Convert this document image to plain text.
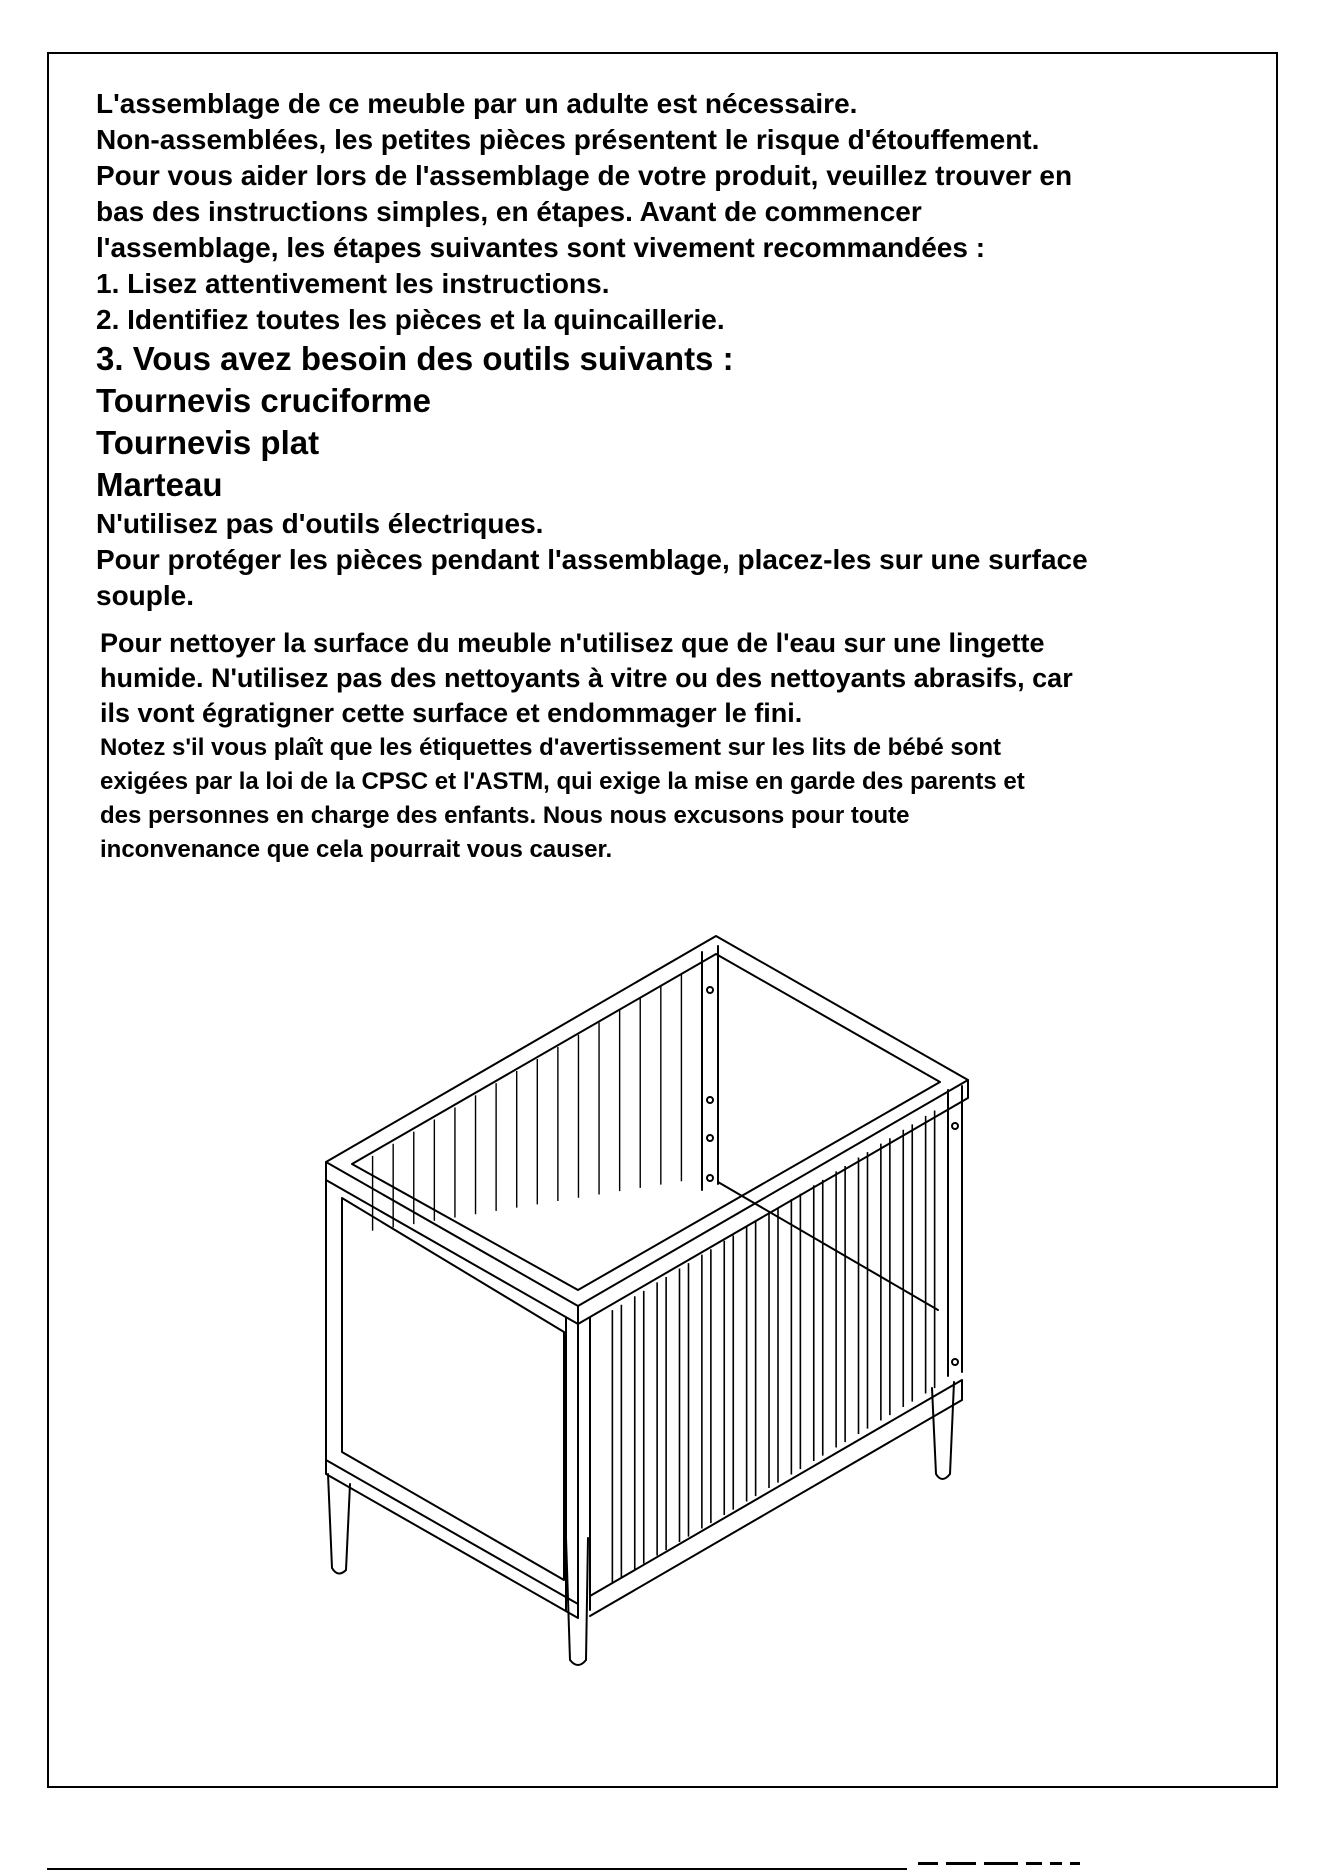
L'assemblage de ce meuble par un adulte est nécessaire.

Non-assemblées, les petites pièces présentent le risque d'étouffement.

Pour vous aider lors de l'assemblage de votre produit, veuillez trouver en

bas des instructions simples, en étapes. Avant de commencer

l'assemblage, les étapes suivantes sont vivement recommandées :

1. Lisez attentivement les instructions.

2. Identifiez toutes les pièces et la quincaillerie.

3. Vous avez besoin des outils suivants :

Tournevis cruciforme

Tournevis plat

Marteau

N'utilisez pas d'outils électriques.

Pour protéger les pièces pendant l'assemblage, placez-les sur une surface

souple.

Pour nettoyer la surface du meuble n'utilisez que de l'eau sur une lingette

humide. N'utilisez pas des nettoyants à vitre ou des nettoyants abrasifs, car

ils vont égratigner cette surface et endommager le fini.

Notez s'il vous plaît que les étiquettes d'avertissement sur les lits de bébé sont

exigées par la loi de la CPSC et l'ASTM, qui exige la mise en garde des parents et

des personnes en charge des enfants. Nous nous excusons pour toute

inconvenance que cela pourrait vous causer.
